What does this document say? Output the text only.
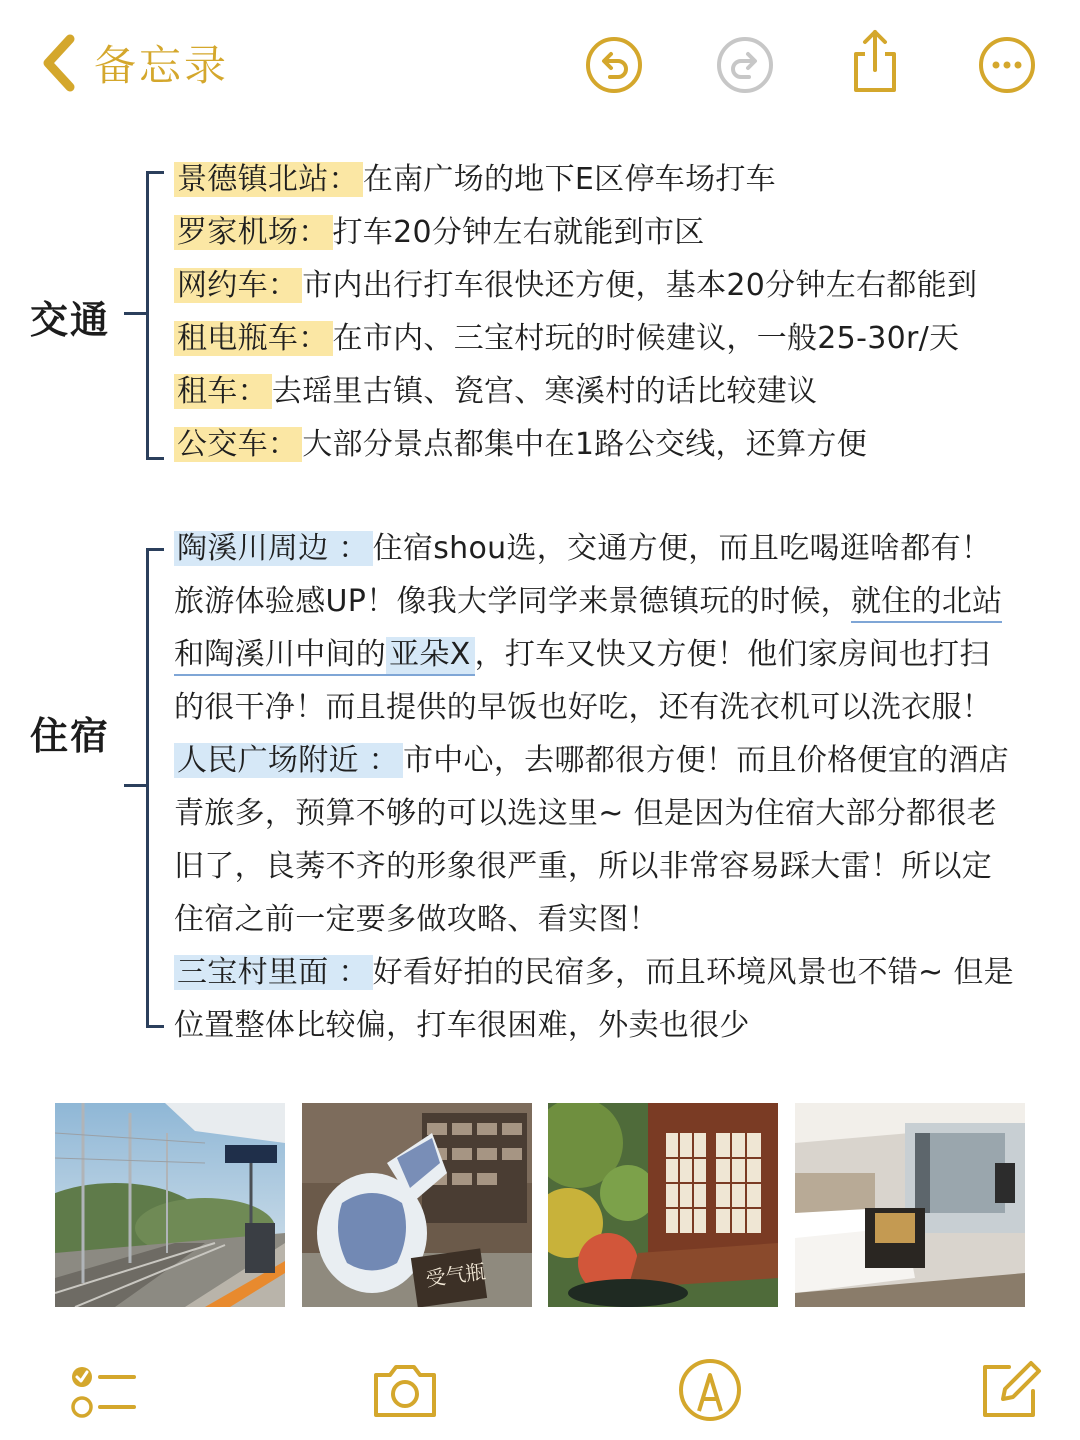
备忘录
交通
景德镇北站： 在南广场的地下E区停车场打车
罗家机场： 打车20分钟左右就能到市区
网约车： 市内出行打车很快还方便，基本20分钟左右都能到
租电瓶车： 在市内、三宝村玩的时候建议，一般25-30r/天
租车： 去瑶里古镇、瓷宫、寒溪村的话比较建议
公交车： 大部分景点都集中在1路公交线，还算方便
住宿
陶溪川周边 ： 住宿shou选，交通方便，而且吃喝逛啥都有！
旅游体验感UP！像我大学同学来景德镇玩的时候，就住的北站
和陶溪川中间的 亚朵X ，打车又快又方便！他们家房间也打扫
的很干净！而且提供的早饭也好吃，还有洗衣机可以洗衣服！
人民广场附近 ： 市中心，去哪都很方便！而且价格便宜的酒店
青旅多，预算不够的可以选这里~ 但是因为住宿大部分都很老
旧了，良莠不齐的形象很严重，所以非常容易踩大雷！所以定
住宿之前一定要多做攻略、看实图！
三宝村里面 ： 好看好拍的民宿多，而且环境风景也不错~ 但是
位置整体比较偏，打车很困难，外卖也很少
受气瓶
